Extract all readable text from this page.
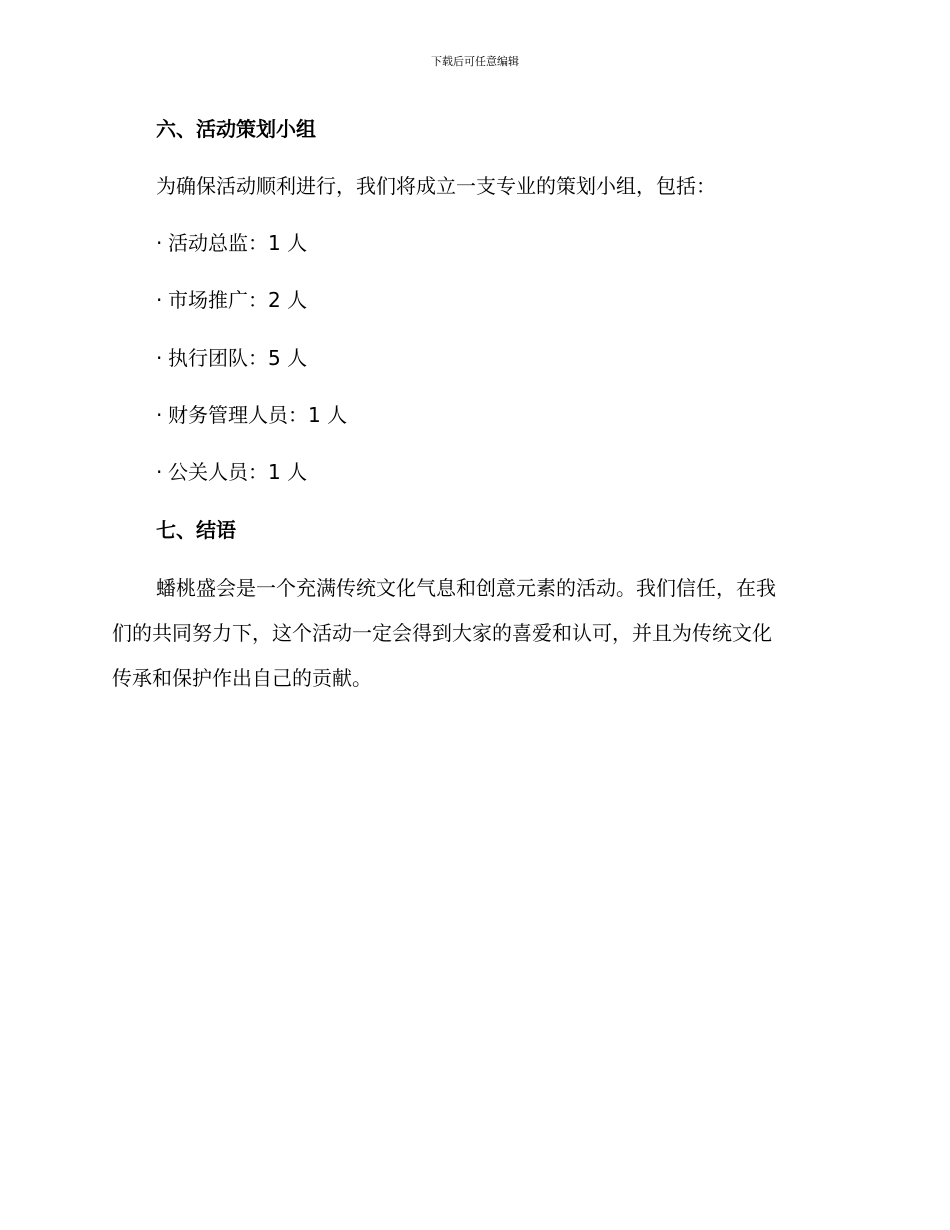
下载后可任意编辑
六、活动策划小组
为确保活动顺利进行，我们将成立一支专业的策划小组，包括：
· 活动总监：1 人
· 市场推广：2 人
· 执行团队：5 人
· 财务管理人员：1 人
· 公关人员：1 人
七、结语
蟠桃盛会是一个充满传统文化气息和创意元素的活动。我们信任，在我
们的共同努力下，这个活动一定会得到大家的喜爱和认可，并且为传统文化
传承和保护作出自己的贡献。
